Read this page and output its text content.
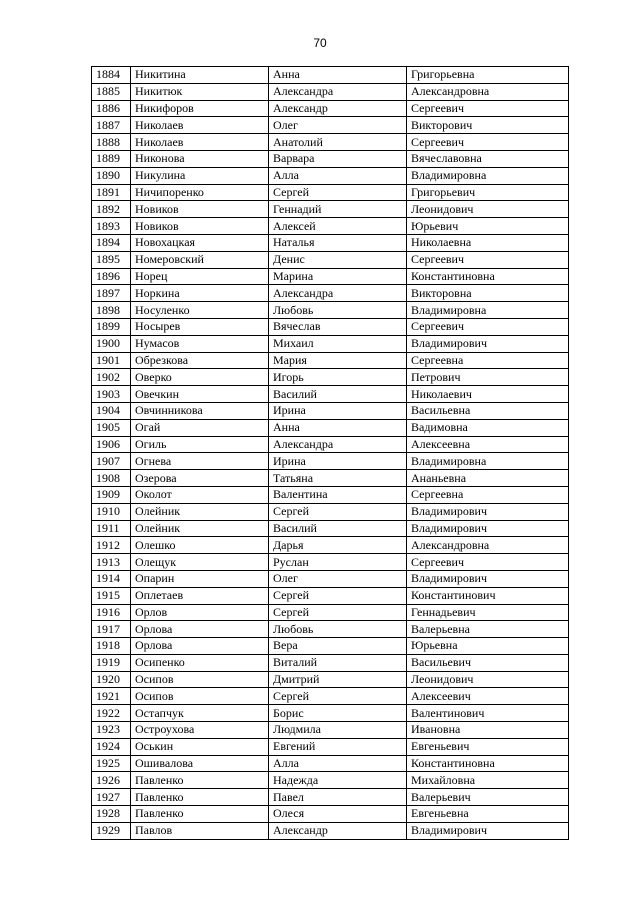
70
1884	Никитина	Анна	Григорьевна
1885	Никитюк	Александра	Александровна
1886	Никифоров	Александр	Сергеевич
1887	Николаев	Олег	Викторович
1888	Николаев	Анатолий	Сергеевич
1889	Никонова	Варвара	Вячеславовна
1890	Никулина	Алла	Владимировна
1891	Ничипоренко	Сергей	Григорьевич
1892	Новиков	Геннадий	Леонидович
1893	Новиков	Алексей	Юрьевич
1894	Новохацкая	Наталья	Николаевна
1895	Номеровский	Денис	Сергеевич
1896	Норец	Марина	Константиновна
1897	Норкина	Александра	Викторовна
1898	Носуленко	Любовь	Владимировна
1899	Носырев	Вячеслав	Сергеевич
1900	Нумасов	Михаил	Владимирович
1901	Обрезкова	Мария	Сергеевна
1902	Оверко	Игорь	Петрович
1903	Овечкин	Василий	Николаевич
1904	Овчинникова	Ирина	Васильевна
1905	Огай	Анна	Вадимовна
1906	Огиль	Александра	Алексеевна
1907	Огнева	Ирина	Владимировна
1908	Озерова	Татьяна	Ананьевна
1909	Околот	Валентина	Сергеевна
1910	Олейник	Сергей	Владимирович
1911	Олейник	Василий	Владимирович
1912	Олешко	Дарья	Александровна
1913	Олещук	Руслан	Сергеевич
1914	Опарин	Олег	Владимирович
1915	Оплетаев	Сергей	Константинович
1916	Орлов	Сергей	Геннадьевич
1917	Орлова	Любовь	Валерьевна
1918	Орлова	Вера	Юрьевна
1919	Осипенко	Виталий	Васильевич
1920	Осипов	Дмитрий	Леонидович
1921	Осипов	Сергей	Алексеевич
1922	Остапчук	Борис	Валентинович
1923	Остроухова	Людмила	Ивановна
1924	Оськин	Евгений	Евгеньевич
1925	Ошивалова	Алла	Константиновна
1926	Павленко	Надежда	Михайловна
1927	Павленко	Павел	Валерьевич
1928	Павленко	Олеся	Евгеньевна
1929	Павлов	Александр	Владимирович
